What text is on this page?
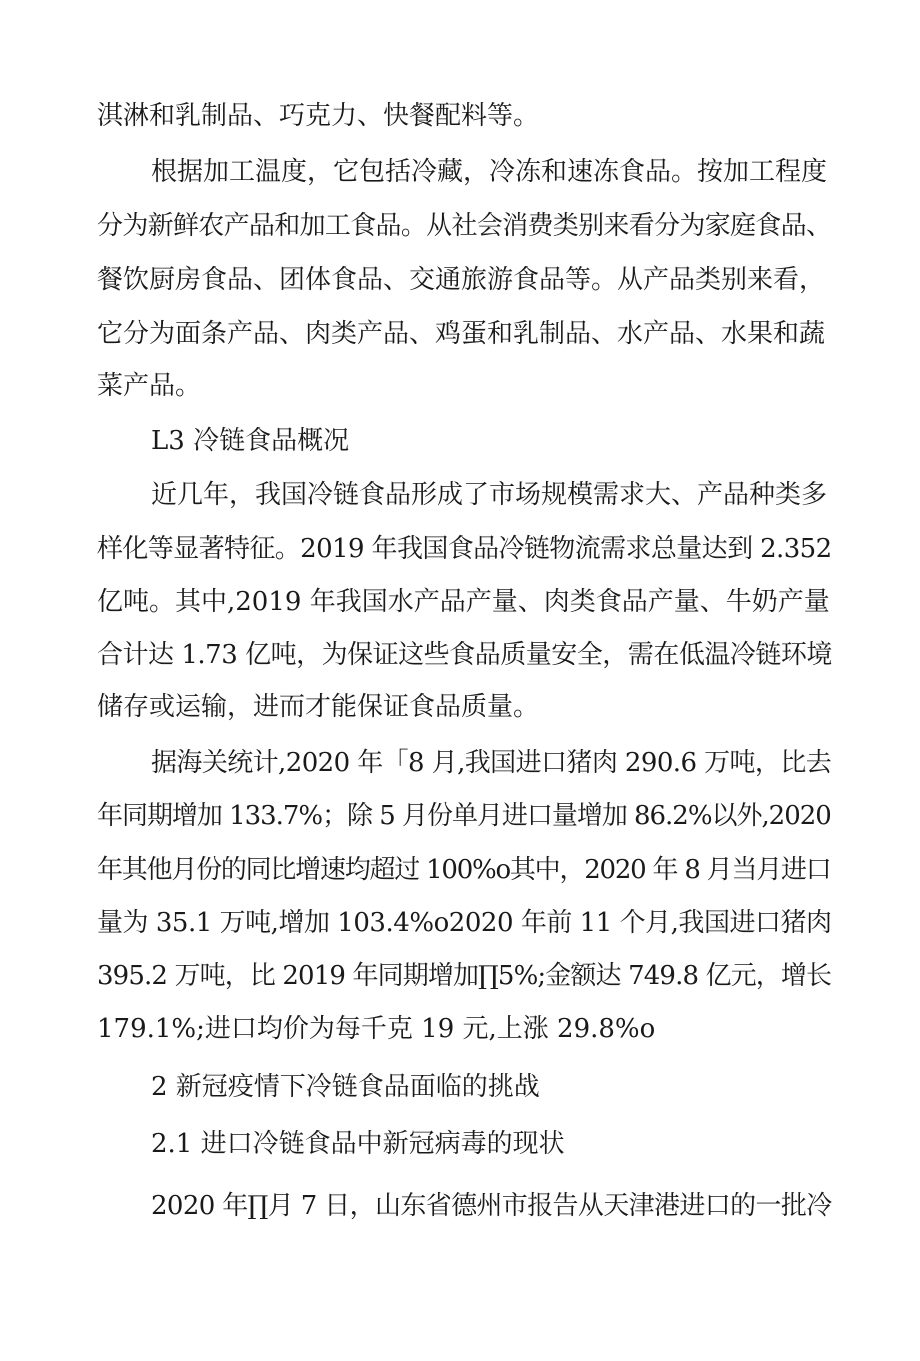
淇淋和乳制品、巧克力、快餐配料等。

根据加工温度，它包括冷藏，冷冻和速冻食品。按加工程度

分为新鲜农产品和加工食品。从社会消费类别来看分为家庭食品、

餐饮厨房食品、团体食品、交通旅游食品等。从产品类别来看，

它分为面条产品、肉类产品、鸡蛋和乳制品、水产品、水果和蔬

菜产品。

L3 冷链食品概况

近几年，我国冷链食品形成了市场规模需求大、产品种类多

样化等显著特征。2019 年我国食品冷链物流需求总量达到 2.352

亿吨。其中,2019 年我国水产品产量、肉类食品产量、牛奶产量

合计达 1.73 亿吨，为保证这些食品质量安全，需在低温冷链环境

储存或运输，进而才能保证食品质量。

据海关统计,2020 年「8 月,我国进口猪肉 290.6 万吨，比去

年同期增加 133.7%；除 5 月份单月进口量增加 86.2%以外,2020

年其他月份的同比增速均超过 100%o其中，2020 年 8 月当月进口

量为 35.1 万吨,增加 103.4%o2020 年前 11 个月,我国进口猪肉

395.2 万吨，比 2019 年同期增加∏5%;金额达 749.8 亿元，增长

179.1%;进口均价为每千克 19 元,上涨 29.8%o

2 新冠疫情下冷链食品面临的挑战

2.1 进口冷链食品中新冠病毒的现状

2020 年∏月 7 日，山东省德州市报告从天津港进口的一批冷
